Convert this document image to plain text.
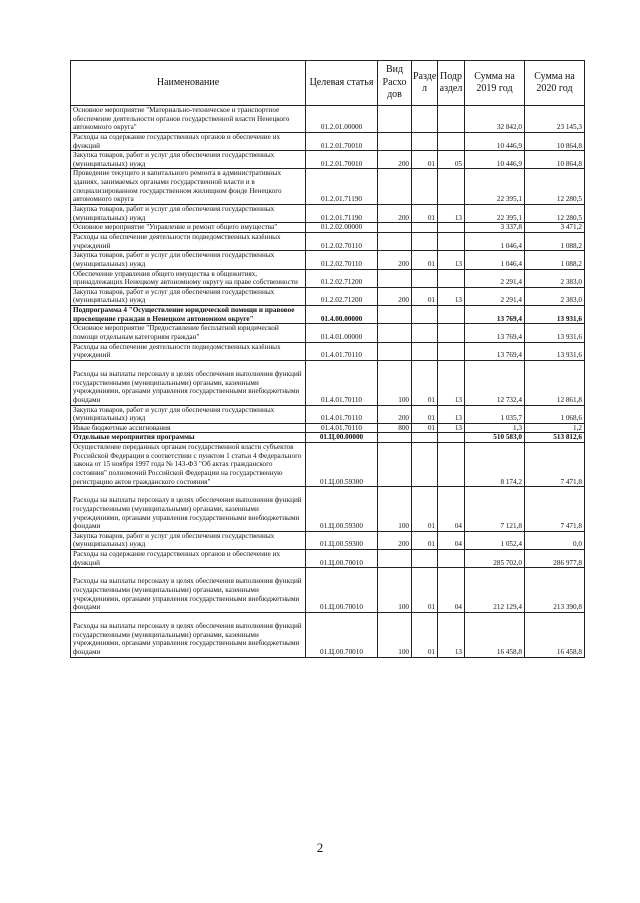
Наименование	Целевая статья	Вид Расхо дов	Разде л	Подр аздел	Сумма на 2019 год	Сумма на 2020 год
Основное мероприятие "Материально-техническое и транспортное обеспечение деятельности органов государственной власти Ненецкого автономного округа"	01.2.01.00000				32 842,0	23 145,3
Расходы на содержание государственных органов и обеспечение их функций	01.2.01.70010				10 446,9	10 864,8
Закупка товаров, работ и услуг для обеспечения государственных (муниципальных) нужд	01.2.01.70010	200	01	05	10 446,9	10 864,8
Проведение текущего и капитального ремонта в административных зданиях, занимаемых органами государственной власти и в специализированном государственном жилищном фонде Ненецкого автономного округа	01.2.01.71190				22 395,1	12 280,5
Закупка товаров, работ и услуг для обеспечения государственных (муниципальных) нужд	01.2.01.71190	200	01	13	22 395,1	12 280,5
Основное мероприятие "Управление и ремонт общего имущества"	01.2.02.00000				3 337,8	3 471,2
Расходы на обеспечение деятельности подведомственных казённых учреждений	01.2.02.70110				1 046,4	1 088,2
Закупка товаров, работ и услуг для обеспечения государственных (муниципальных) нужд	01.2.02.70110	200	01	13	1 046,4	1 088,2
Обеспечение управления общего имущества в общежитиях, принадлежащих Ненецкому автономному округу на праве собственности	01.2.02.71200				2 291,4	2 383,0
Закупка товаров, работ и услуг для обеспечения государственных (муниципальных) нужд	01.2.02.71200	200	01	13	2 291,4	2 383,0
Подпрограмма 4 "Осуществление юридической помощи и правовое просвещение граждан в Ненецком автономном округе"	01.4.00.00000				13 769,4	13 931,6
Основное мероприятие "Предоставление бесплатной юридической помощи отдельным категориям граждан"	01.4.01.00000				13 769,4	13 931,6
Расходы на обеспечение деятельности подведомственных казённых учреждений	01.4.01.70110				13 769,4	13 931,6
Расходы на выплаты персоналу в целях обеспечения выполнения функций государственными (муниципальными) органами, казенными учреждениями, органами управления государственными внебюджетными фондами	01.4.01.70110	100	01	13	12 732,4	12 861,8
Закупка товаров, работ и услуг для обеспечения государственных (муниципальных) нужд	01.4.01.70110	200	01	13	1 035,7	1 068,6
Иные бюджетные ассигнования	01.4.01.70110	800	01	13	1,3	1,2
Отдельные мероприятия программы	01.Ц.00.00000				510 583,0	513 812,6
Осуществление переданных органам государственной власти субъектов Российской Федерации в соответствии с пунктом 1 статьи 4 Федерального закона от 15 ноября 1997 года № 143-ФЗ "Об актах гражданского состояния" полномочий Российской Федерации на государственную регистрацию актов гражданского состояния"	01.Ц.00.59300				8 174,2	7 471,8
Расходы на выплаты персоналу в целях обеспечения выполнения функций государственными (муниципальными) органами, казенными учреждениями, органами управления государственными внебюджетными фондами	01.Ц.00.59300	100	01	04	7 121,8	7 471,8
Закупка товаров, работ и услуг для обеспечения государственных (муниципальных) нужд	01.Ц.00.59300	200	01	04	1 052,4	0,0
Расходы на содержание государственных органов и обеспечение их функций	01.Ц.00.70010				285 702,0	286 977,8
Расходы на выплаты персоналу в целях обеспечения выполнения функций государственными (муниципальными) органами, казенными учреждениями, органами управления государственными внебюджетными фондами	01.Ц.00.70010	100	01	04	212 129,4	213 390,8
Расходы на выплаты персоналу в целях обеспечения выполнения функций государственными (муниципальными) органами, казенными учреждениями, органами управления государственными внебюджетными фондами	01.Ц.00.70010	100	01	13	16 458,8	16 458,8
2
